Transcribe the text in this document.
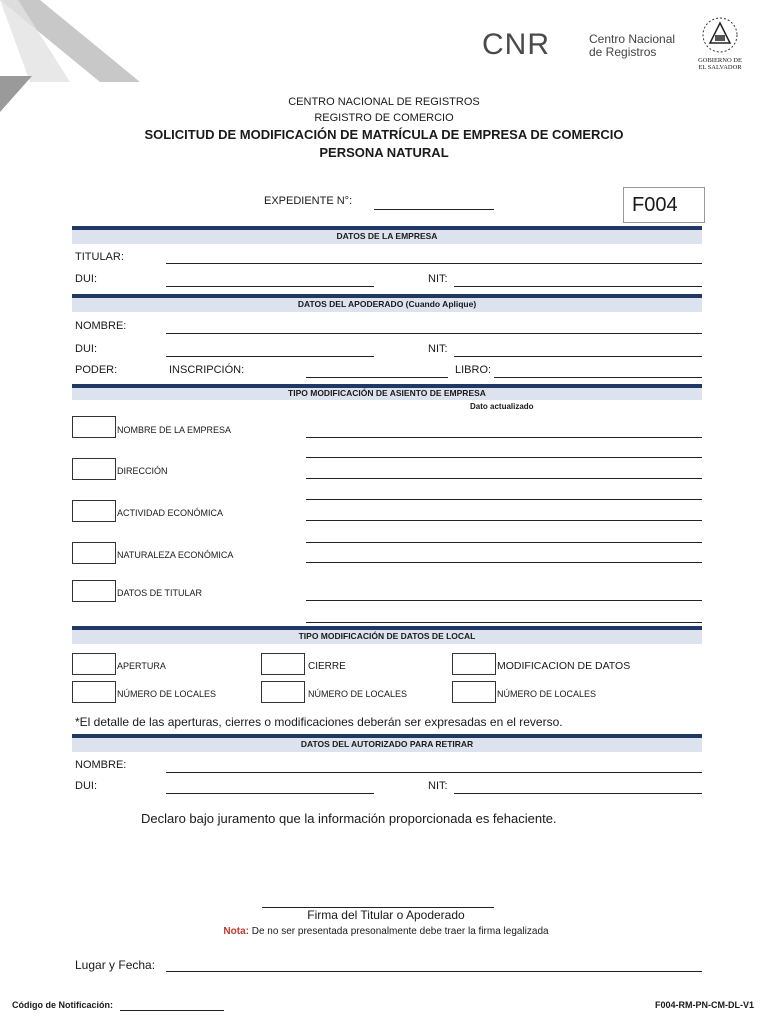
CNR	Centro Nacional
de Registros
GOBIERNO DE
EL SALVADOR
CENTRO NACIONAL DE REGISTROS
REGISTRO DE COMERCIO
SOLICITUD DE MODIFICACIÓN DE MATRÍCULA DE EMPRESA DE COMERCIO
PERSONA NATURAL
EXPEDIENTE N°:	F004
DATOS DE LA EMPRESA
TITULAR:
DUI:	NIT:
DATOS DEL APODERADO (Cuando Aplique)
NOMBRE:
DUI:	NIT:
PODER:	INSCRIPCIÓN:	LIBRO:
TIPO MODIFICACIÓN DE ASIENTO DE EMPRESA
Dato actualizado
NOMBRE DE LA EMPRESA
DIRECCIÓN
ACTIVIDAD ECONÓMICA
NATURALEZA ECONÓMICA
DATOS DE TITULAR
TIPO MODIFICACIÓN DE DATOS DE LOCAL
APERTURA	CIERRE	MODIFICACION DE DATOS
NÚMERO DE LOCALES	NÚMERO DE LOCALES	NÚMERO DE LOCALES
*El detalle de las aperturas, cierres o modificaciones deberán ser expresadas en el reverso.
DATOS DEL AUTORIZADO PARA RETIRAR
NOMBRE:
DUI:	NIT:
Declaro bajo juramento que la información proporcionada es fehaciente.
Firma del Titular o Apoderado
Nota: De no ser presentada presonalmente debe traer la firma legalizada
Lugar y Fecha:
Código de Notificación:	F004-RM-PN-CM-DL-V1
